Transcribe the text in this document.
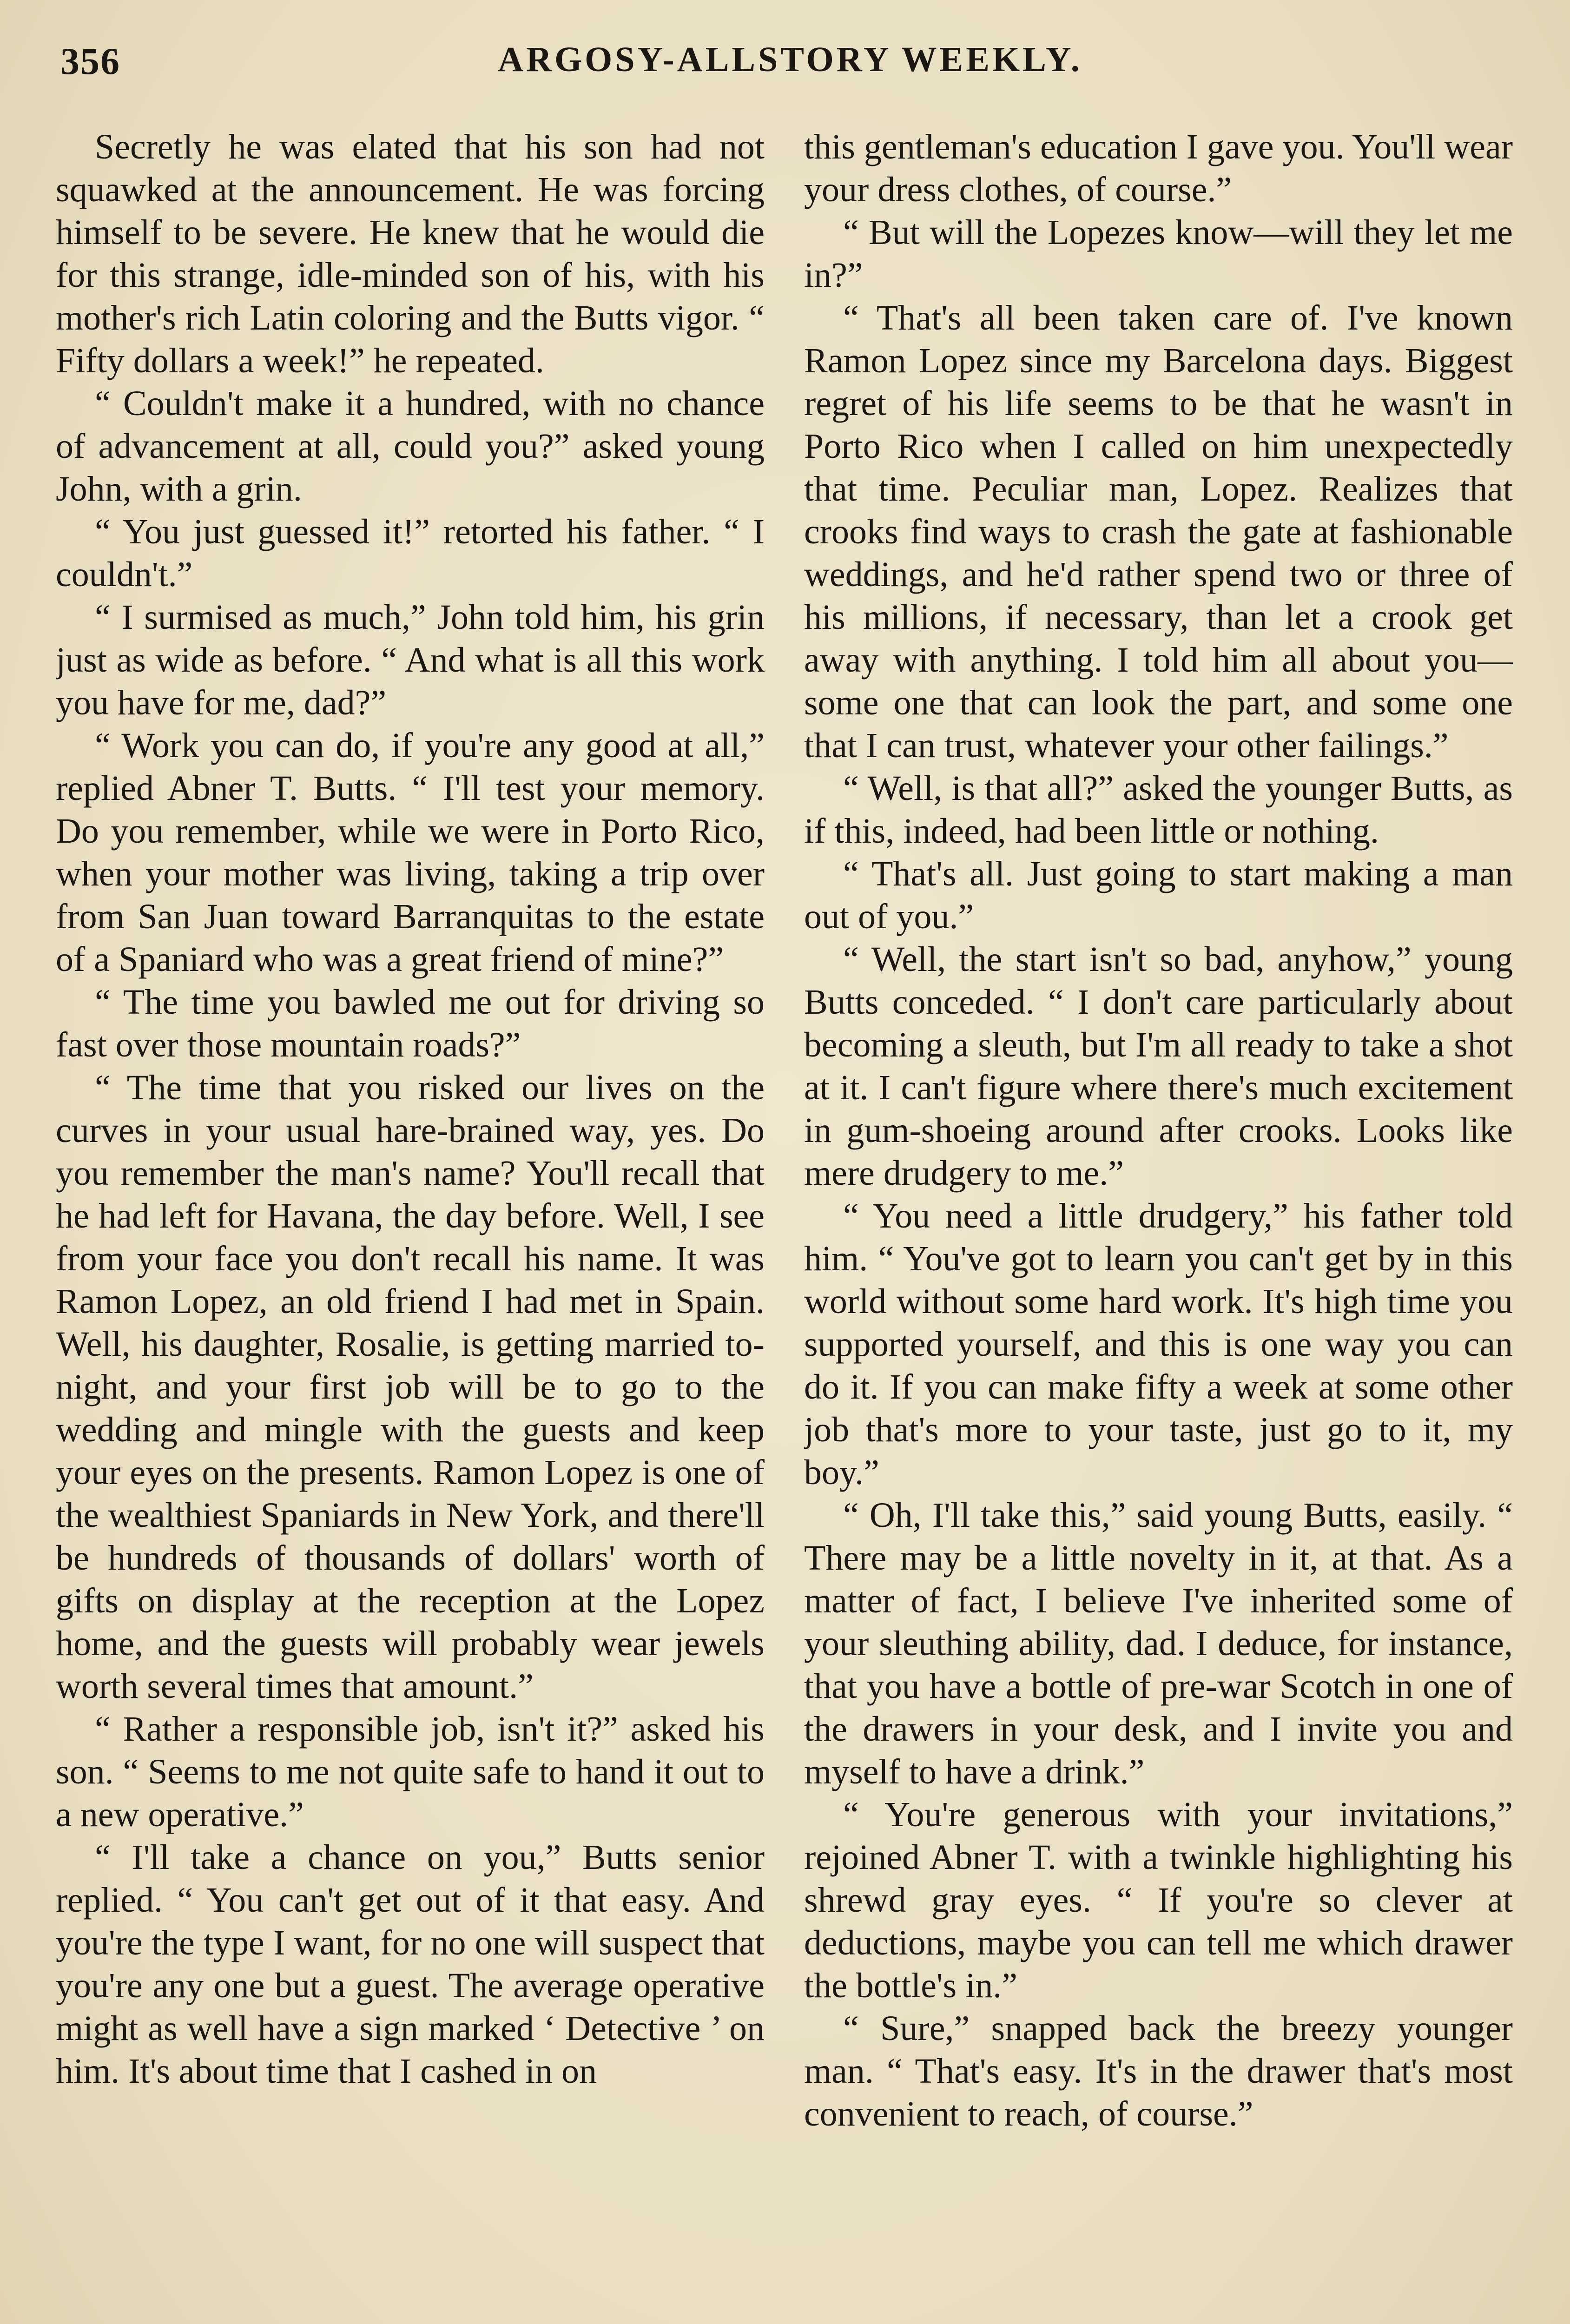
356	ARGOSY-ALLSTORY WEEKLY.

Secretly he was elated that his son had not squawked at the announcement. He was forcing himself to be severe. He knew that he would die for this strange, idle-minded son of his, with his mother's rich Latin coloring and the Butts vigor. “ Fifty dollars a week!” he repeated.

“ Couldn't make it a hundred, with no chance of advancement at all, could you?” asked young John, with a grin.

“ You just guessed it!” retorted his father. “ I couldn't.”

“ I surmised as much,” John told him, his grin just as wide as before. “ And what is all this work you have for me, dad?”

“ Work you can do, if you're any good at all,” replied Abner T. Butts. “ I'll test your memory. Do you remember, while we were in Porto Rico, when your mother was living, taking a trip over from San Juan toward Barranquitas to the estate of a Spaniard who was a great friend of mine?”

“ The time you bawled me out for driving so fast over those mountain roads?”

“ The time that you risked our lives on the curves in your usual hare-brained way, yes. Do you remember the man's name? You'll recall that he had left for Havana, the day before. Well, I see from your face you don't recall his name. It was Ramon Lopez, an old friend I had met in Spain. Well, his daughter, Rosalie, is getting married to-night, and your first job will be to go to the wedding and mingle with the guests and keep your eyes on the presents. Ramon Lopez is one of the wealthiest Spaniards in New York, and there'll be hundreds of thousands of dollars' worth of gifts on display at the reception at the Lopez home, and the guests will probably wear jewels worth several times that amount.”

“ Rather a responsible job, isn't it?” asked his son. “ Seems to me not quite safe to hand it out to a new operative.”

“ I'll take a chance on you,” Butts senior replied. “ You can't get out of it that easy. And you're the type I want, for no one will suspect that you're any one but a guest. The average operative might as well have a sign marked ‘ Detective ’ on him. It's about time that I cashed in on

this gentleman's education I gave you. You'll wear your dress clothes, of course.”

“ But will the Lopezes know—will they let me in?”

“ That's all been taken care of. I've known Ramon Lopez since my Barcelona days. Biggest regret of his life seems to be that he wasn't in Porto Rico when I called on him unexpectedly that time. Peculiar man, Lopez. Realizes that crooks find ways to crash the gate at fashionable weddings, and he'd rather spend two or three of his millions, if necessary, than let a crook get away with anything. I told him all about you—some one that can look the part, and some one that I can trust, whatever your other failings.”

“ Well, is that all?” asked the younger Butts, as if this, indeed, had been little or nothing.

“ That's all. Just going to start making a man out of you.”

“ Well, the start isn't so bad, anyhow,” young Butts conceded. “ I don't care particularly about becoming a sleuth, but I'm all ready to take a shot at it. I can't figure where there's much excitement in gum-shoeing around after crooks. Looks like mere drudgery to me.”

“ You need a little drudgery,” his father told him. “ You've got to learn you can't get by in this world without some hard work. It's high time you supported yourself, and this is one way you can do it. If you can make fifty a week at some other job that's more to your taste, just go to it, my boy.”

“ Oh, I'll take this,” said young Butts, easily. “ There may be a little novelty in it, at that. As a matter of fact, I believe I've inherited some of your sleuthing ability, dad. I deduce, for instance, that you have a bottle of pre-war Scotch in one of the drawers in your desk, and I invite you and myself to have a drink.”

“ You're generous with your invitations,” rejoined Abner T. with a twinkle highlighting his shrewd gray eyes. “ If you're so clever at deductions, maybe you can tell me which drawer the bottle's in.”

“ Sure,” snapped back the breezy younger man. “ That's easy. It's in the drawer that's most convenient to reach, of course.”
